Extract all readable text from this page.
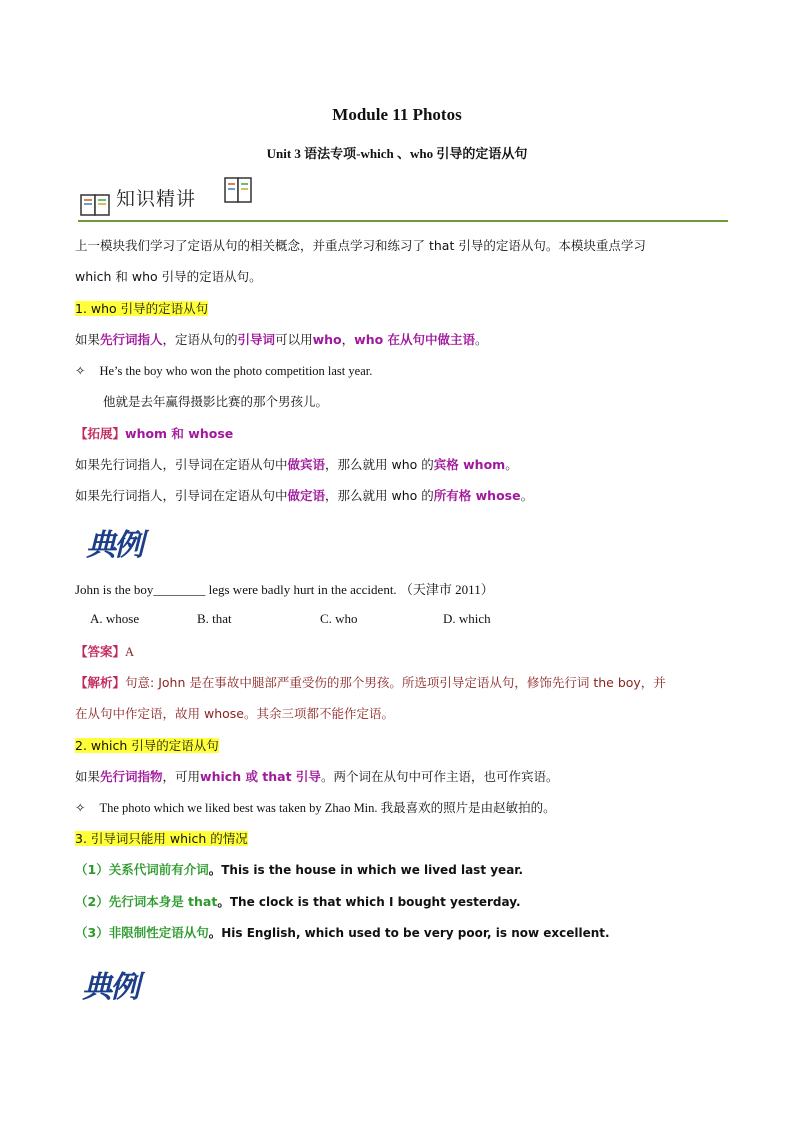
Module 11 Photos
Unit 3 语法专项-which 、who 引导的定语从句
知识精讲
上一模块我们学习了定语从句的相关概念，并重点学习和练习了 that 引导的定语从句。本模块重点学习
which 和 who 引导的定语从句。
1. who 引导的定语从句
如果先行词指人，定语从句的引导词可以用who，who 在从句中做主语。
✧ He’s the boy who won the photo competition last year.
他就是去年赢得摄影比赛的那个男孩儿。
【拓展】whom 和 whose
如果先行词指人，引导词在定语从句中做宾语，那么就用 who 的宾格 whom。
如果先行词指人，引导词在定语从句中做定语，那么就用 who 的所有格 whose。
典例
John is the boy________ legs were badly hurt in the accident. （天津市 2011）
A. whose	B. that	C. who	D. which
【答案】A
【解析】句意: John 是在事故中腿部严重受伤的那个男孩。所选项引导定语从句，修饰先行词 the boy，并
在从句中作定语，故用 whose。其余三项都不能作定语。
2. which 引导的定语从句
如果先行词指物，可用which 或 that 引导。两个词在从句中可作主语，也可作宾语。
✧ The photo which we liked best was taken by Zhao Min. 我最喜欢的照片是由赵敏拍的。
3. 引导词只能用 which 的情况
（1）关系代词前有介词。This is the house in which we lived last year.
（2）先行词本身是 that。The clock is that which I bought yesterday.
（3）非限制性定语从句。His English, which used to be very poor, is now excellent.
典例
